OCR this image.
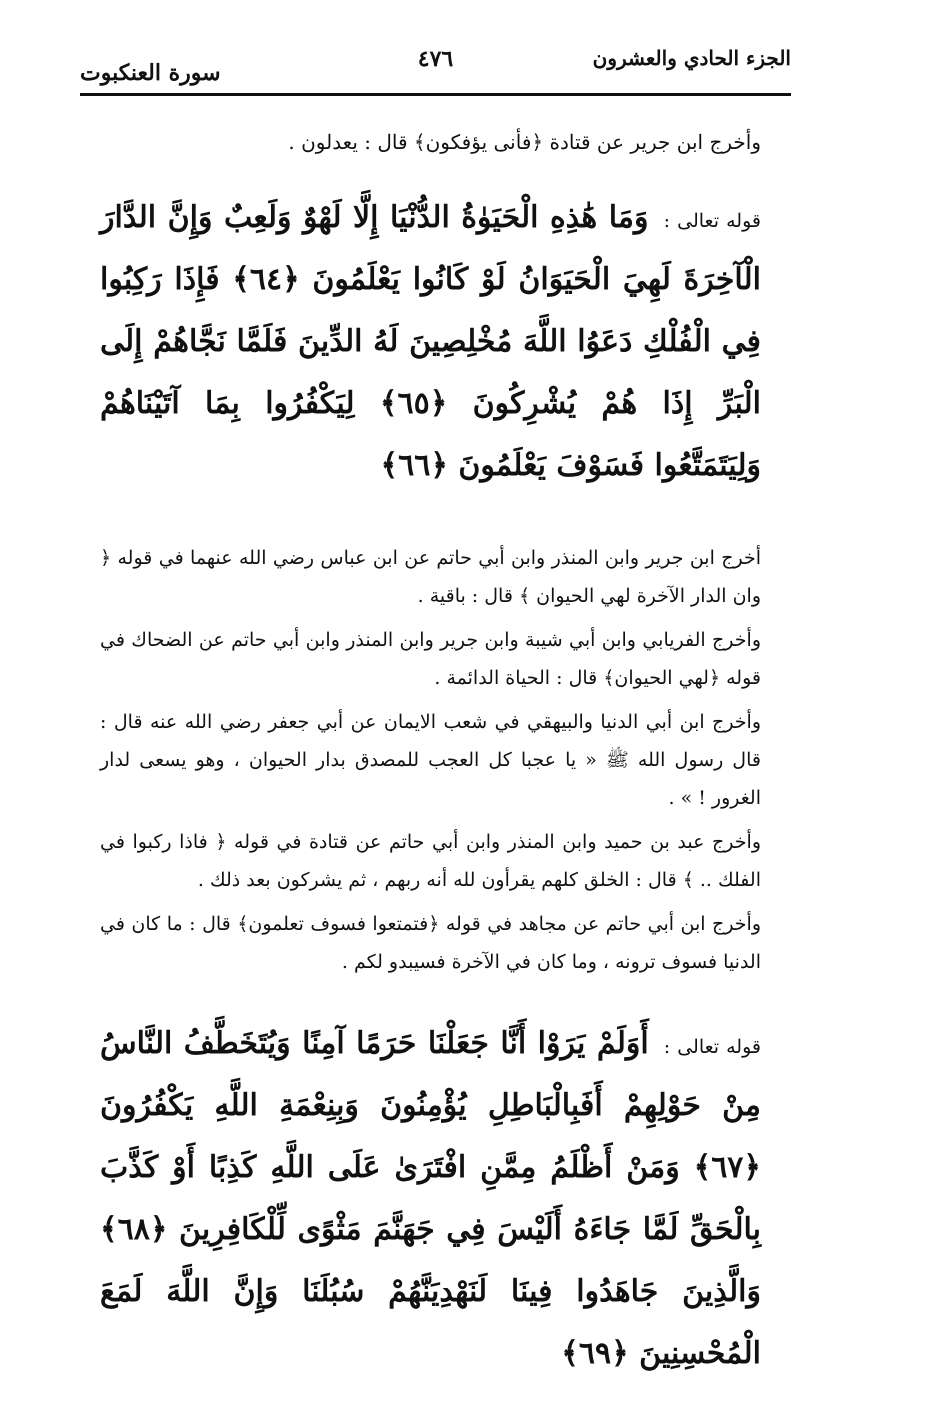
الجزء الحادي والعشرون
٤٧٦
سورة العنكبوت

وأخرج ابن جرير عن قتادة ﴿فأنى يؤفكون﴾ قال : يعدلون .

قوله تعالى : وَمَا هَٰذِهِ الْحَيَوٰةُ الدُّنْيَا إِلَّا لَهْوٌ وَلَعِبٌ وَإِنَّ الدَّارَ الْآخِرَةَ لَهِيَ الْحَيَوَانُ لَوْ كَانُوا يَعْلَمُونَ ﴿٦٤﴾ فَإِذَا رَكِبُوا فِي الْفُلْكِ دَعَوُا اللَّهَ مُخْلِصِينَ لَهُ الدِّينَ فَلَمَّا نَجَّاهُمْ إِلَى الْبَرِّ إِذَا هُمْ يُشْرِكُونَ ﴿٦٥﴾ لِيَكْفُرُوا بِمَا آتَيْنَاهُمْ وَلِيَتَمَتَّعُوا فَسَوْفَ يَعْلَمُونَ ﴿٦٦﴾

أخرج ابن جرير وابن المنذر وابن أبي حاتم عن ابن عباس رضي الله عنهما في قوله ﴿ وان الدار الآخرة لهي الحيوان ﴾ قال : باقية .

وأخرج الفريابي وابن أبي شيبة وابن جرير وابن المنذر وابن أبي حاتم عن الضحاك في قوله ﴿لهي الحيوان﴾ قال : الحياة الدائمة .

وأخرج ابن أبي الدنيا والبيهقي في شعب الايمان عن أبي جعفر رضي الله عنه قال : قال رسول الله ﷺ « يا عجبا كل العجب للمصدق بدار الحيوان ، وهو يسعى لدار الغرور ! » .

وأخرج عبد بن حميد وابن المنذر وابن أبي حاتم عن قتادة في قوله ﴿ فاذا ركبوا في الفلك .. ﴾ قال : الخلق كلهم يقرأون لله أنه ربهم ، ثم يشركون بعد ذلك .

وأخرج ابن أبي حاتم عن مجاهد في قوله ﴿فتمتعوا فسوف تعلمون﴾ قال : ما كان في الدنيا فسوف ترونه ، وما كان في الآخرة فسيبدو لكم .

قوله تعالى : أَوَلَمْ يَرَوْا أَنَّا جَعَلْنَا حَرَمًا آمِنًا وَيُتَخَطَّفُ النَّاسُ مِنْ حَوْلِهِمْ أَفَبِالْبَاطِلِ يُؤْمِنُونَ وَبِنِعْمَةِ اللَّهِ يَكْفُرُونَ ﴿٦٧﴾ وَمَنْ أَظْلَمُ مِمَّنِ افْتَرَىٰ عَلَى اللَّهِ كَذِبًا أَوْ كَذَّبَ بِالْحَقِّ لَمَّا جَاءَهُ أَلَيْسَ فِي جَهَنَّمَ مَثْوًى لِّلْكَافِرِينَ ﴿٦٨﴾ وَالَّذِينَ جَاهَدُوا فِينَا لَنَهْدِيَنَّهُمْ سُبُلَنَا وَإِنَّ اللَّهَ لَمَعَ الْمُحْسِنِينَ ﴿٦٩﴾
